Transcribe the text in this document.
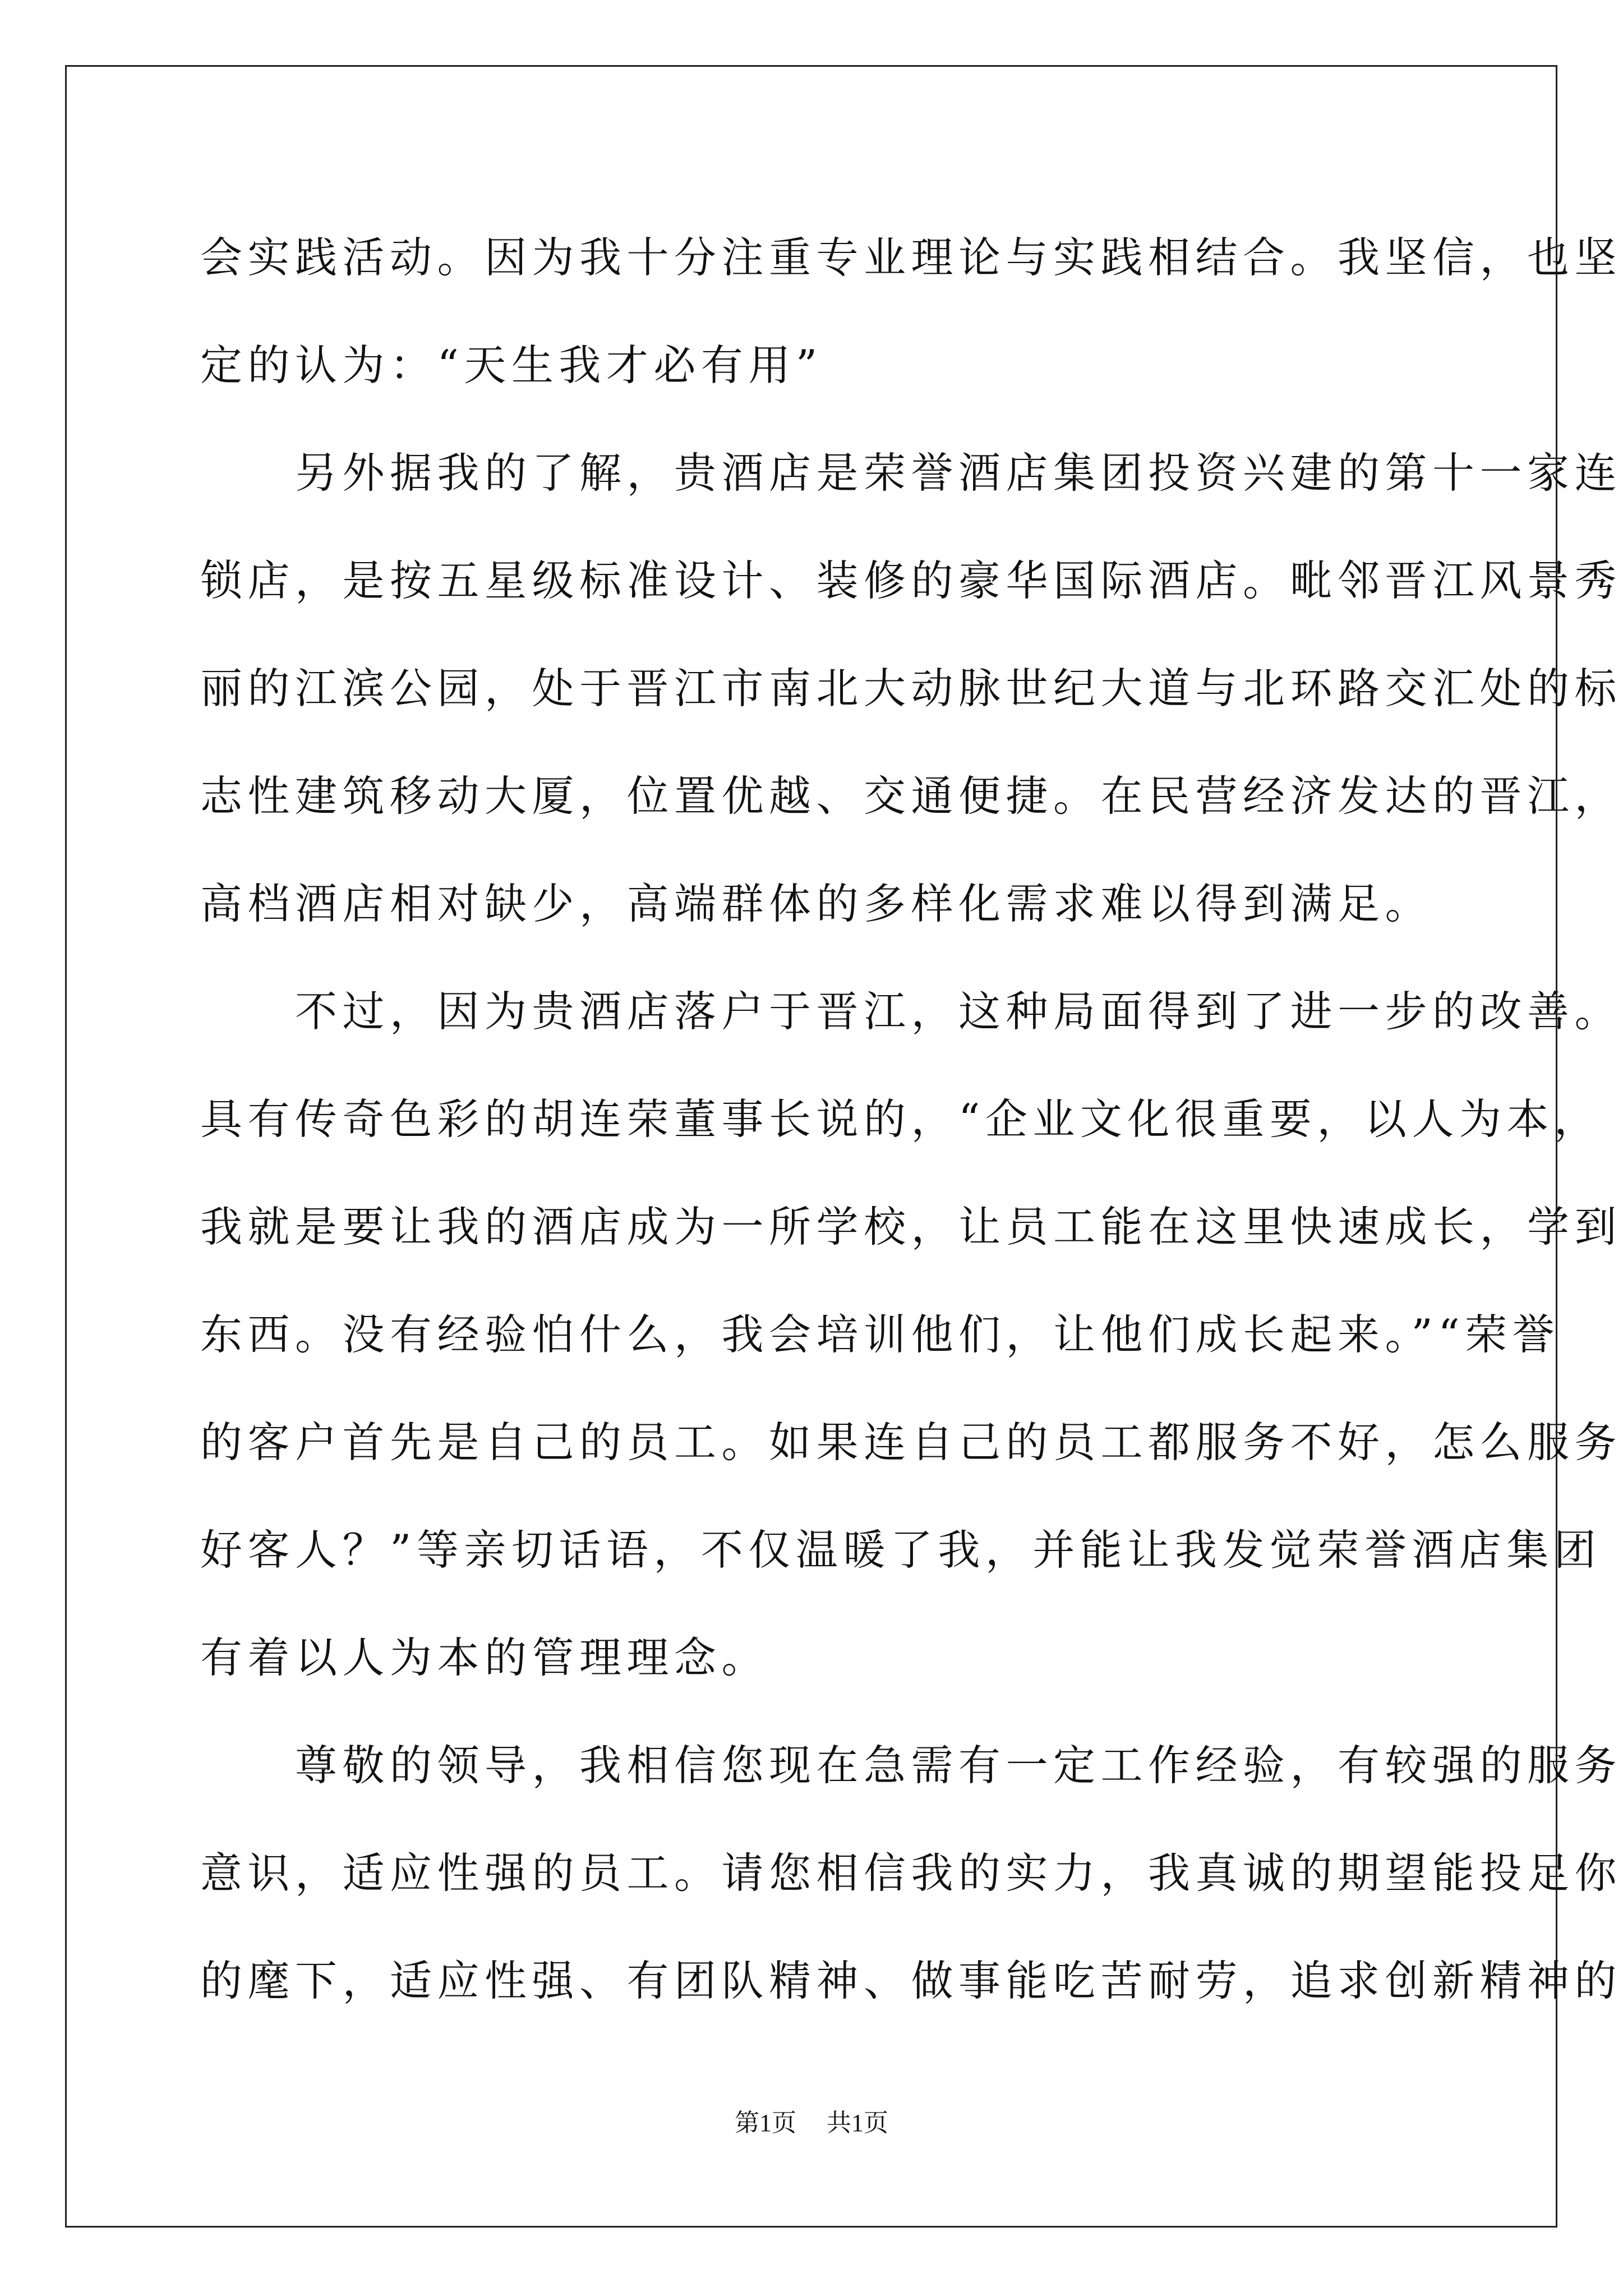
会实践活动。因为我十分注重专业理论与实践相结合。我坚信，也坚
定的认为：“天生我才必有用”
　　另外据我的了解，贵酒店是荣誉酒店集团投资兴建的第十一家连
锁店，是按五星级标准设计、装修的豪华国际酒店。毗邻晋江风景秀
丽的江滨公园，处于晋江市南北大动脉世纪大道与北环路交汇处的标
志性建筑移动大厦，位置优越、交通便捷。在民营经济发达的晋江，
高档酒店相对缺少，高端群体的多样化需求难以得到满足。
　　不过，因为贵酒店落户于晋江，这种局面得到了进一步的改善。
具有传奇色彩的胡连荣董事长说的，“企业文化很重要，以人为本，
我就是要让我的酒店成为一所学校，让员工能在这里快速成长，学到
东西。没有经验怕什么，我会培训他们，让他们成长起来。”“荣誉
的客户首先是自己的员工。如果连自己的员工都服务不好，怎么服务
好客人？”等亲切话语，不仅温暖了我，并能让我发觉荣誉酒店集团
有着以人为本的管理理念。
　　尊敬的领导，我相信您现在急需有一定工作经验，有较强的服务
意识，适应性强的员工。请您相信我的实力，我真诚的期望能投足你
的麾下，适应性强、有团队精神、做事能吃苦耐劳，追求创新精神的
第1页 共1页
